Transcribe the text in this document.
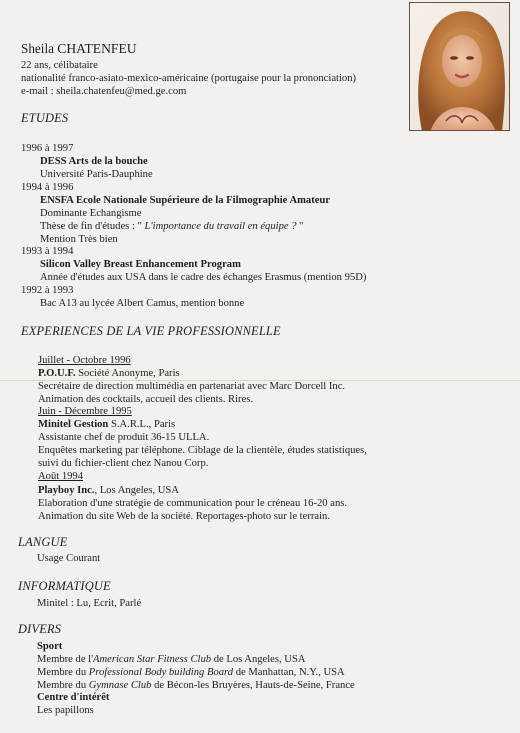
Sheila CHATENFEU
22 ans, célibataire
nationalité franco-asiato-mexico-américaine (portugaise pour la prononciation)
e-mail : sheila.chatenfeu@med.ge.com
ETUDES
1996 à 1997
DESS Arts de la bouche
Université Paris-Dauphine
1994 à 1996
ENSFA Ecole Nationale Supérieure de la Filmographie Amateur
Dominante Echangisme
Thèse de fin d'études : " L'importance du travail en équipe ? "
Mention Très bien
1993 à 1994
Silicon Valley Breast Enhancement Program
Année d'études aux USA dans le cadre des échanges Erasmus (mention 95D)
1992 à 1993
Bac A13 au lycée Albert Camus, mention bonne
EXPERIENCES DE LA VIE PROFESSIONNELLE
Juillet - Octobre 1996
P.O.U.F. Société Anonyme, Paris
Secrétaire de direction multimédia en partenariat avec Marc Dorcell Inc.
Animation des cocktails, accueil des clients. Rires.
Juin - Décembre 1995
Minitel Gestion S.A.R.L., Paris
Assistante chef de produit 36-15 ULLA.
Enquêtes marketing par téléphone. Ciblage de la clientèle, études statistiques,
suivi du fichier-client chez Nanou Corp.
Août 1994
Playboy Inc., Los Angeles, USA
Elaboration d'une stratégie de communication pour le créneau 16-20 ans.
Animation du site Web de la société. Reportages-photo sur le terrain.
LANGUE
Usage Courant
INFORMATIQUE
Minitel : Lu, Ecrit, Parlé
DIVERS
Sport
Membre de l'American Star Fitness Club de Los Angeles, USA
Membre du Professional Body building Board de Manhattan, N.Y., USA
Membre du Gymnase Club de Bécon-les Bruyères, Hauts-de-Seine, France
Centre d'intérêt
Les papillons
